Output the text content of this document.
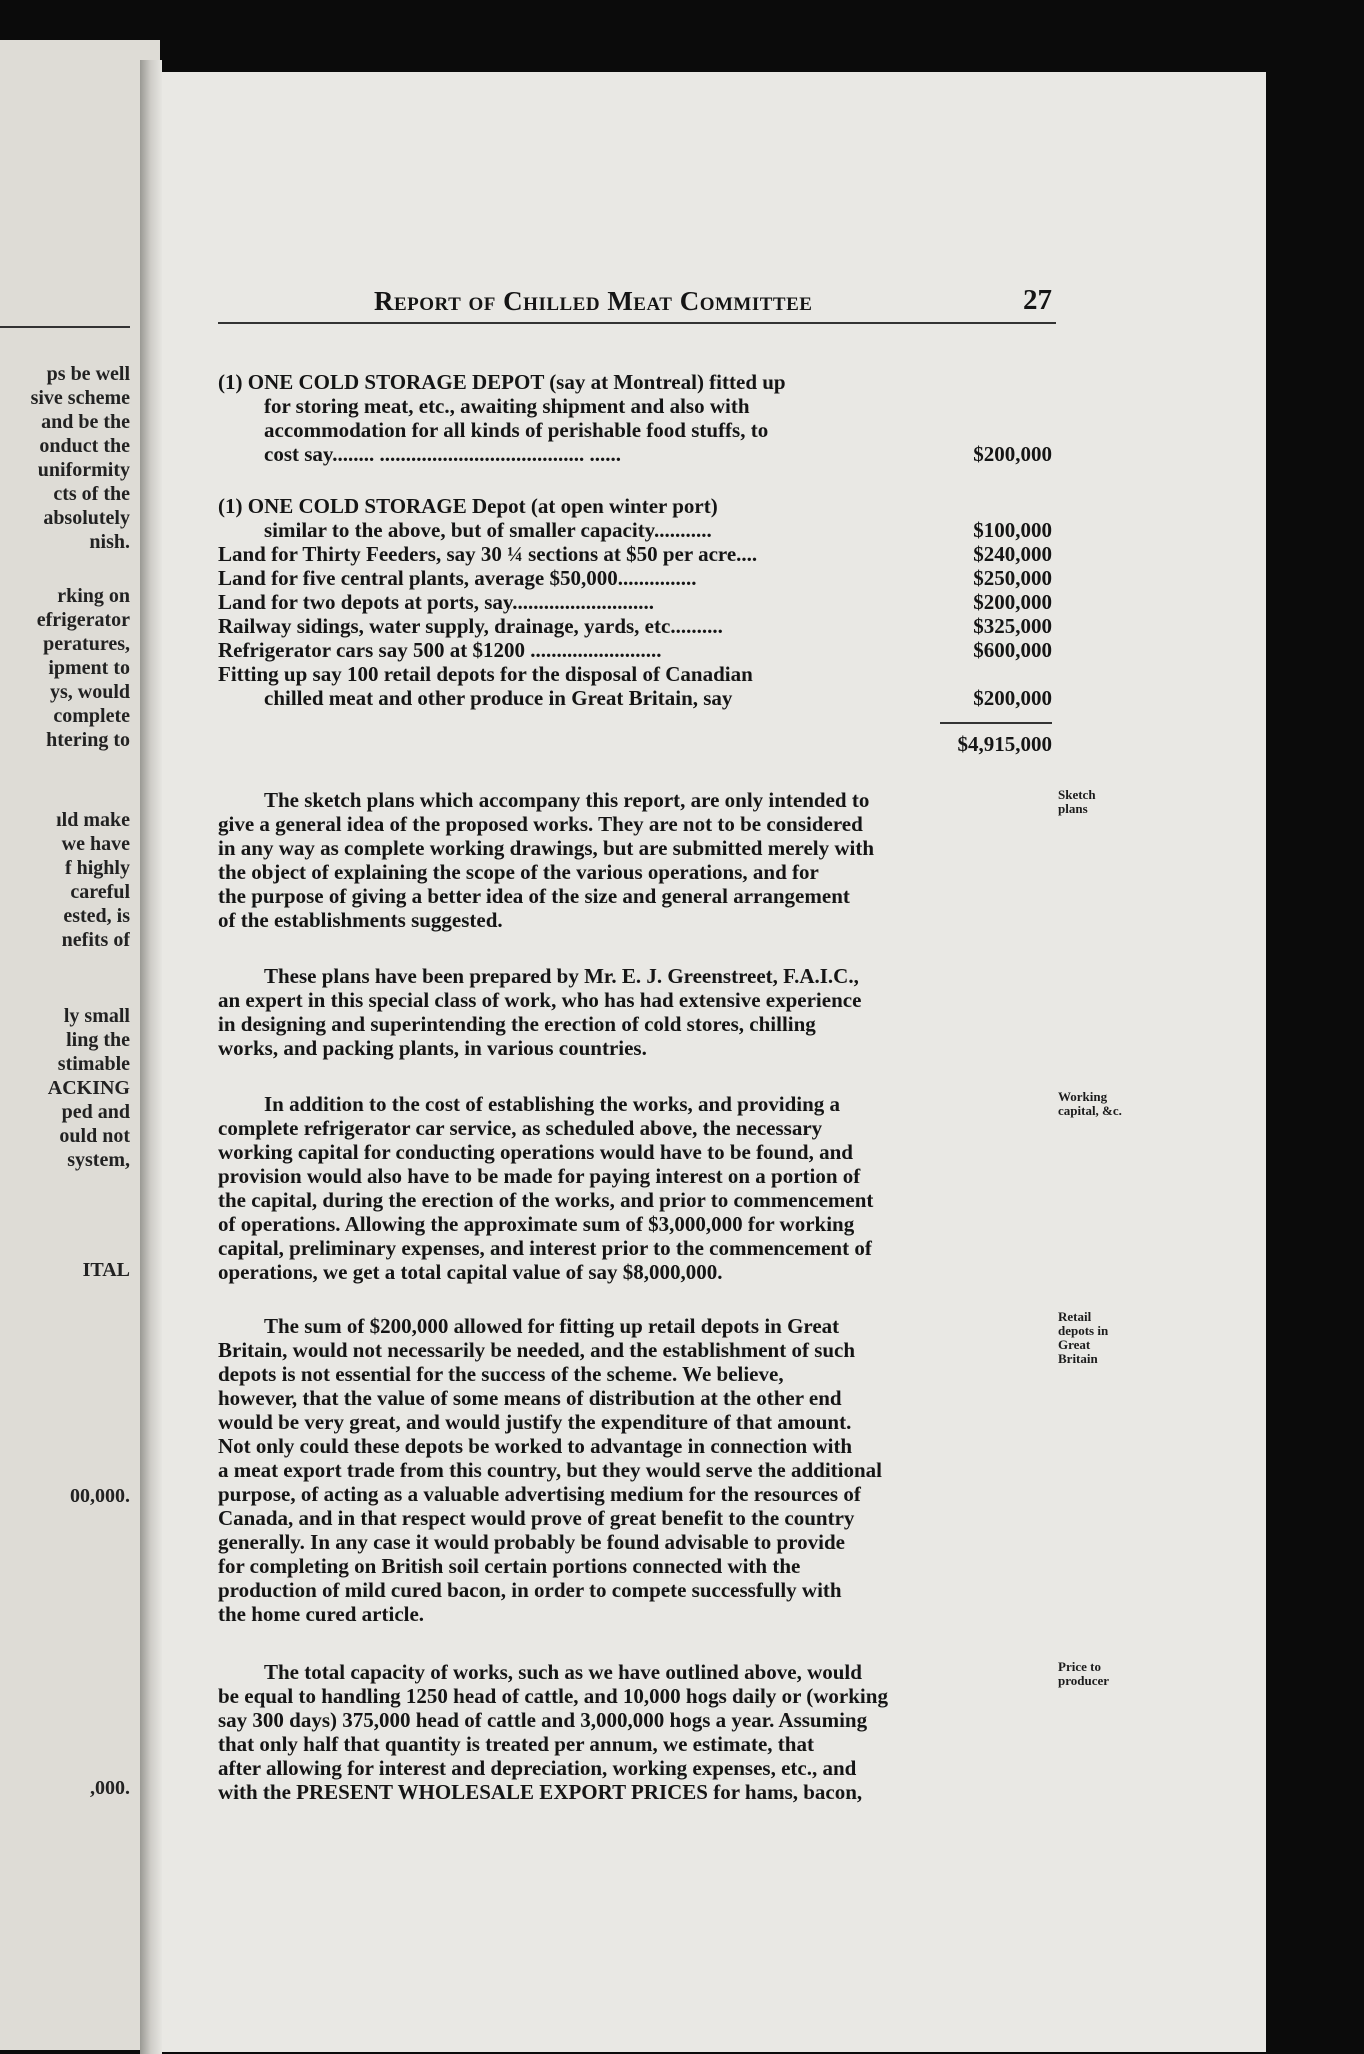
ps be well
sive scheme
and be the
onduct the
uniformity
cts of the
absolutely
nish.
rking on
efrigerator
peratures,
ipment to
ys, would
complete
htering to
ıld make
we have
f highly
careful
ested, is
nefits of
ly small
ling the
stimable
ACKING
ped and
ould not
system,
ITAL
00,000.
,000.
Report of Chilled Meat Committee	27
(1) ONE COLD STORAGE DEPOT (say at Montreal) fitted up
for storing meat, etc., awaiting shipment and also with
accommodation for all kinds of perishable food stuffs, to
cost say........ ....................................... ......	$200,000
(1) ONE COLD STORAGE Depot (at open winter port)
similar to the above, but of smaller capacity...........	$100,000
Land for Thirty Feeders, say 30 ¼ sections at $50 per acre....	$240,000
Land for five central plants, average $50,000...............	$250,000
Land for two depots at ports, say...........................	$200,000
Railway sidings, water supply, drainage, yards, etc..........	$325,000
Refrigerator cars say 500 at $1200 .........................	$600,000
Fitting up say 100 retail depots for the disposal of Canadian
chilled meat and other produce in Great Britain, say	$200,000
$4,915,000
The sketch plans which accompany this report, are only intended to
give a general idea of the proposed works. They are not to be considered
in any way as complete working drawings, but are submitted merely with
the object of explaining the scope of the various operations, and for
the purpose of giving a better idea of the size and general arrangement
of the establishments suggested.
These plans have been prepared by Mr. E. J. Greenstreet, F.A.I.C.,
an expert in this special class of work, who has had extensive experience
in designing and superintending the erection of cold stores, chilling
works, and packing plants, in various countries.
In addition to the cost of establishing the works, and providing a
complete refrigerator car service, as scheduled above, the necessary
working capital for conducting operations would have to be found, and
provision would also have to be made for paying interest on a portion of
the capital, during the erection of the works, and prior to commencement
of operations. Allowing the approximate sum of $3,000,000 for working
capital, preliminary expenses, and interest prior to the commencement of
operations, we get a total capital value of say $8,000,000.
The sum of $200,000 allowed for fitting up retail depots in Great
Britain, would not necessarily be needed, and the establishment of such
depots is not essential for the success of the scheme. We believe,
however, that the value of some means of distribution at the other end
would be very great, and would justify the expenditure of that amount.
Not only could these depots be worked to advantage in connection with
a meat export trade from this country, but they would serve the additional
purpose, of acting as a valuable advertising medium for the resources of
Canada, and in that respect would prove of great benefit to the country
generally. In any case it would probably be found advisable to provide
for completing on British soil certain portions connected with the
production of mild cured bacon, in order to compete successfully with
the home cured article.
The total capacity of works, such as we have outlined above, would
be equal to handling 1250 head of cattle, and 10,000 hogs daily or (working
say 300 days) 375,000 head of cattle and 3,000,000 hogs a year. Assuming
that only half that quantity is treated per annum, we estimate, that
after allowing for interest and depreciation, working expenses, etc., and
with the PRESENT WHOLESALE EXPORT PRICES for hams, bacon,
Sketch
plans
Working
capital, &c.
Retail
depots in
Great
Britain
Price to
producer
